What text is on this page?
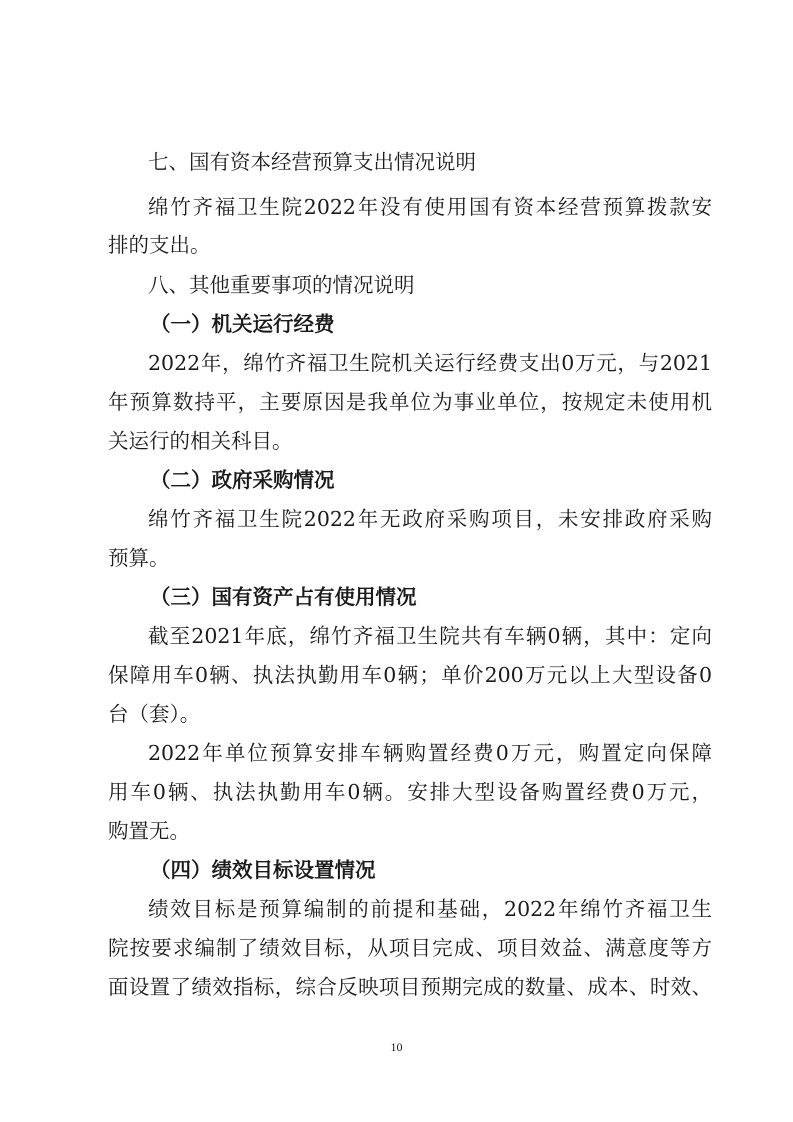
七、国有资本经营预算支出情况说明
绵竹齐福卫生院2022年没有使用国有资本经营预算拨款安
排的支出。
八、其他重要事项的情况说明
（一）机关运行经费
2022年，绵竹齐福卫生院机关运行经费支出0万元，与2021
年预算数持平，主要原因是我单位为事业单位，按规定未使用机
关运行的相关科目。
（二）政府采购情况
绵竹齐福卫生院2022年无政府采购项目，未安排政府采购
预算。
（三）国有资产占有使用情况
截至2021年底，绵竹齐福卫生院共有车辆0辆，其中：定向
保障用车0辆、执法执勤用车0辆；单价200万元以上大型设备0
台（套）。
2022年单位预算安排车辆购置经费0万元，购置定向保障
用车0辆、执法执勤用车0辆。安排大型设备购置经费0万元，
购置无。
（四）绩效目标设置情况
绩效目标是预算编制的前提和基础，2022年绵竹齐福卫生
院按要求编制了绩效目标，从项目完成、项目效益、满意度等方
面设置了绩效指标，综合反映项目预期完成的数量、成本、时效、
10
